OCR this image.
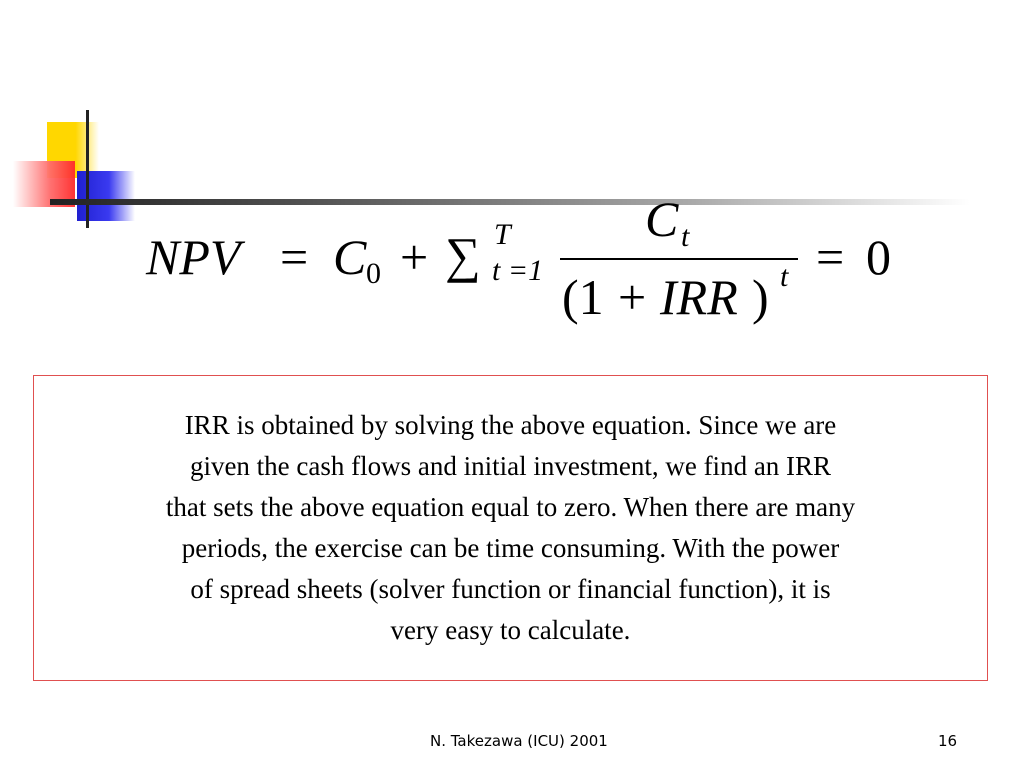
NPV = C 0 + ∑ T
t =1
C t
(1 + IRR ) t = 0

IRR is obtained by solving the above equation. Since we are
given the cash flows and initial investment, we find an IRR
that sets the above equation equal to zero. When there are many
periods, the exercise can be time consuming. With the power
of spread sheets (solver function or financial function), it is
very easy to calculate.

N. Takezawa (ICU) 2001	16
